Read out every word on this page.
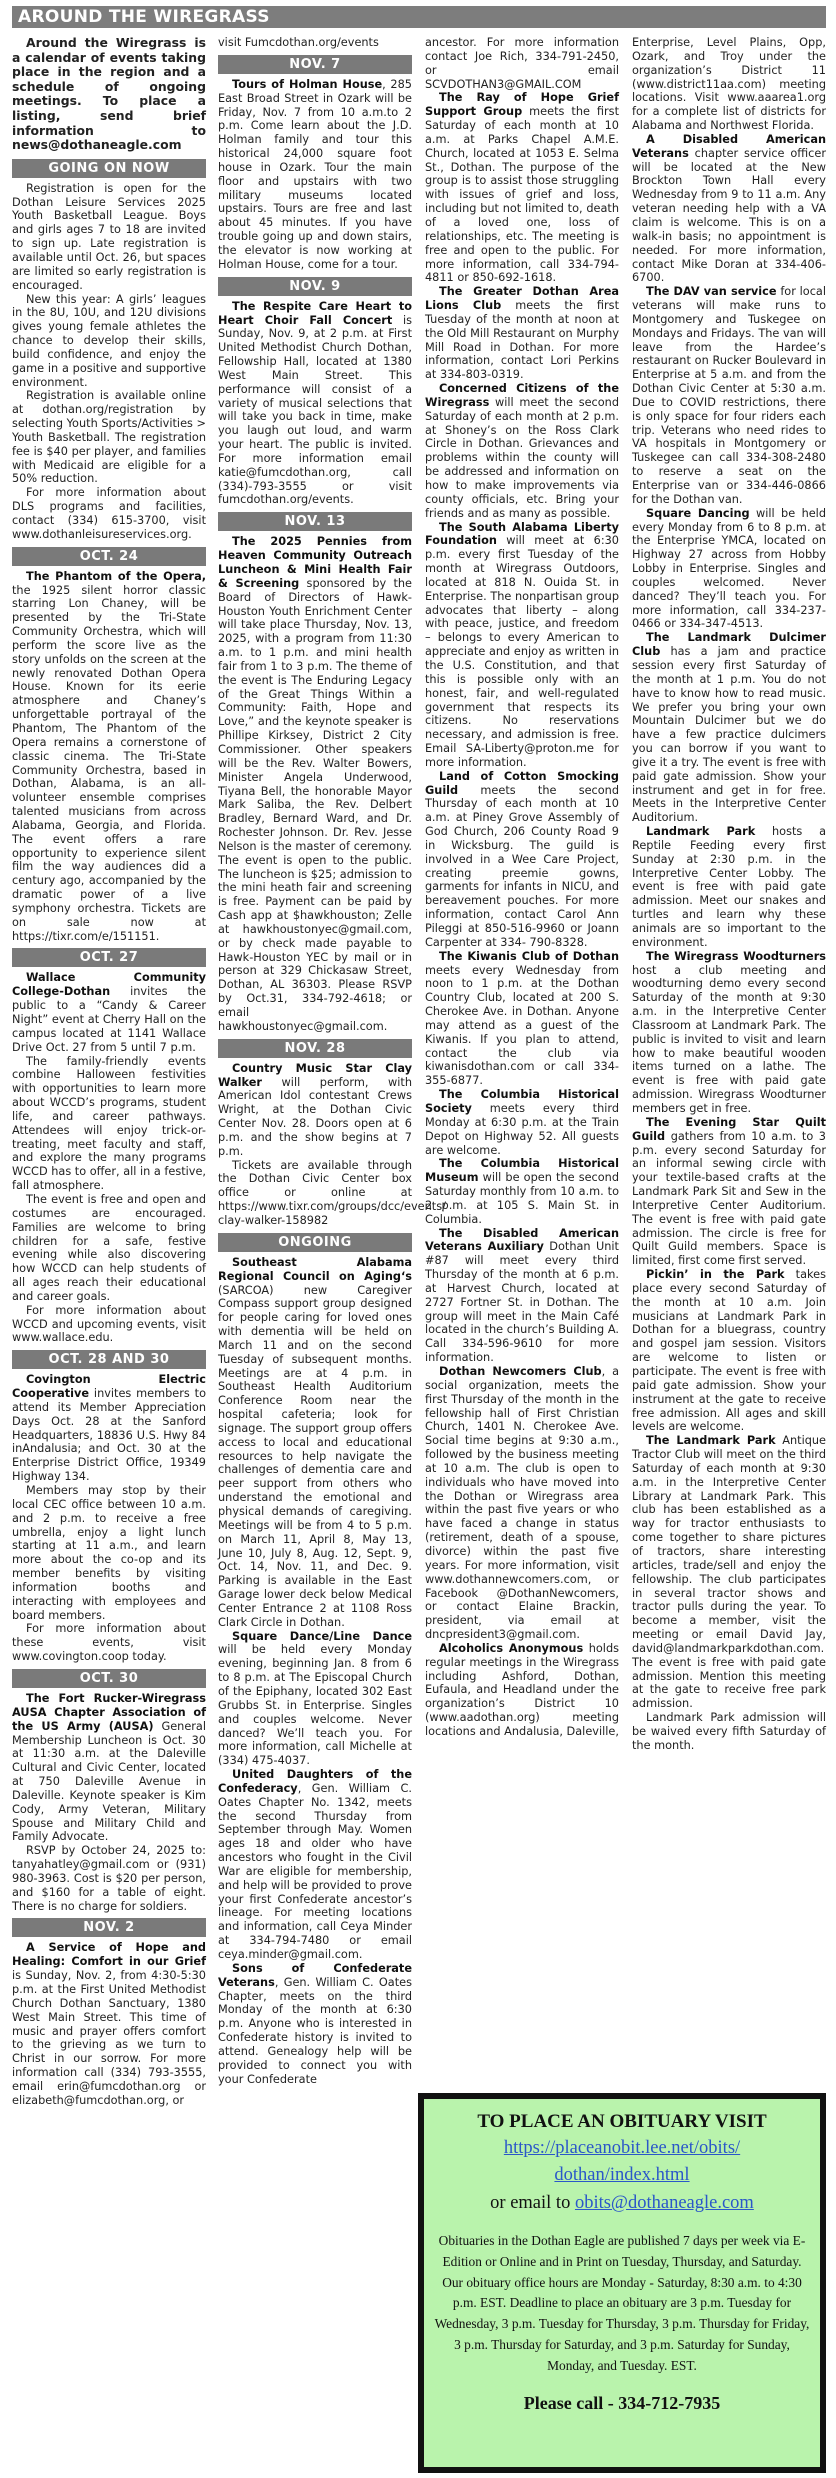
AROUND THE WIREGRASS

Around the Wiregrass is a calendar of events taking place in the region and a schedule of ongoing meetings. To place a listing, send brief information to news@dothaneagle.com

GOING ON NOW

Registration is open for the Dothan Leisure Services 2025 Youth Basketball League. Boys and girls ages 7 to 18 are invited to sign up. Late registration is available until Oct. 26, but spaces are limited so early registration is encouraged.

New this year: A girls’ leagues in the 8U, 10U, and 12U divisions gives young female athletes the chance to develop their skills, build confidence, and enjoy the game in a positive and supportive environment.

Registration is available online at dothan.org/registration by selecting Youth Sports/Activities > Youth Basketball. The registration fee is $40 per player, and families with Medicaid are eligible for a 50% reduction.

For more information about DLS programs and facilities, contact (334) 615-3700, visit www.dothanleisureservices.org.

OCT. 24

The Phantom of the Opera, the 1925 silent horror classic starring Lon Chaney, will be presented by the Tri-State Community Orchestra, which will perform the score live as the story unfolds on the screen at the newly renovated Dothan Opera House. Known for its eerie atmosphere and Chaney’s unforgettable portrayal of the Phantom, The Phantom of the Opera remains a cornerstone of classic cinema. The Tri-State Community Orchestra, based in Dothan, Alabama, is an all-volunteer ensemble comprises talented musicians from across Alabama, Georgia, and Florida. The event offers a rare opportunity to experience silent film the way audiences did a century ago, accompanied by the dramatic power of a live symphony orchestra. Tickets are on sale now at https://tixr.com/e/151151.

OCT. 27

Wallace Community College-Dothan invites the public to a “Candy & Career Night” event at Cherry Hall on the campus located at 1141 Wallace Drive Oct. 27 from 5 until 7 p.m.

The family-friendly events combine Halloween festivities with opportunities to learn more about WCCD’s programs, student life, and career pathways. Attendees will enjoy trick-or-treating, meet faculty and staff, and explore the many programs WCCD has to offer, all in a festive, fall atmosphere.

The event is free and open and costumes are encouraged. Families are welcome to bring children for a safe, festive evening while also discovering how WCCD can help students of all ages reach their educational and career goals.

For more information about WCCD and upcoming events, visit www.wallace.edu.

OCT. 28 AND 30

Covington Electric Cooperative invites members to attend its Member Appreciation Days Oct. 28 at the Sanford Headquarters, 18836 U.S. Hwy 84 inAndalusia; and Oct. 30 at the Enterprise District Office, 19349 Highway 134.

Members may stop by their local CEC office between 10 a.m. and 2 p.m. to receive a free umbrella, enjoy a light lunch starting at 11 a.m., and learn more about the co-op and its member benefits by visiting information booths and interacting with employees and board members.

For more information about these events, visit www.covington.coop today.

OCT. 30

The Fort Rucker-Wiregrass AUSA Chapter Association of the US Army (AUSA) General Membership Luncheon is Oct. 30 at 11:30 a.m. at the Daleville Cultural and Civic Center, located at 750 Daleville Avenue in Daleville. Keynote speaker is Kim Cody, Army Veteran, Military Spouse and Military Child and Family Advocate.

RSVP by October 24, 2025 to: tanyahatley@gmail.com or (931) 980-3963. Cost is $20 per person, and $160 for a table of eight. There is no charge for soldiers.

NOV. 2

A Service of Hope and Healing: Comfort in our Grief is Sunday, Nov. 2, from 4:30-5:30 p.m. at the First United Methodist Church Dothan Sanctuary, 1380 West Main Street. This time of music and prayer offers comfort to the grieving as we turn to Christ in our sorrow. For more information call (334) 793-3555, email erin@fumcdothan.org or elizabeth@fumcdothan.org, or

visit Fumcdothan.org/events

NOV. 7

Tours of Holman House, 285 East Broad Street in Ozark will be Friday, Nov. 7 from 10 a.m.to 2 p.m. Come learn about the J.D. Holman family and tour this historical 24,000 square foot house in Ozark. Tour the main floor and upstairs with two military museums located upstairs. Tours are free and last about 45 minutes. If you have trouble going up and down stairs, the elevator is now working at Holman House, come for a tour.

NOV. 9

The Respite Care Heart to Heart Choir Fall Concert is Sunday, Nov. 9, at 2 p.m. at First United Methodist Church Dothan, Fellowship Hall, located at 1380 West Main Street. This performance will consist of a variety of musical selections that will take you back in time, make you laugh out loud, and warm your heart. The public is invited. For more information email katie@fumcdothan.org, call (334)-793-3555 or visit fumcdothan.org/events.

NOV. 13

The 2025 Pennies from Heaven Community Outreach Luncheon & Mini Health Fair & Screening sponsored by the Board of Directors of Hawk-Houston Youth Enrichment Center will take place Thursday, Nov. 13, 2025, with a program from 11:30 a.m. to 1 p.m. and mini health fair from 1 to 3 p.m. The theme of the event is The Enduring Legacy of the Great Things Within a Community: Faith, Hope and Love,” and the keynote speaker is Phillipe Kirksey, District 2 City Commissioner. Other speakers will be the Rev. Walter Bowers, Minister Angela Underwood, Tiyana Bell, the honorable Mayor Mark Saliba, the Rev. Delbert Bradley, Bernard Ward, and Dr. Rochester Johnson. Dr. Rev. Jesse Nelson is the master of ceremony. The event is open to the public. The luncheon is $25; admission to the mini heath fair and screening is free. Payment can be paid by Cash app at $hawkhouston; Zelle at hawkhoustonyec@gmail.com, or by check made payable to Hawk-Houston YEC by mail or in person at 329 Chickasaw Street, Dothan, AL 36303. Please RSVP by Oct.31, 334-792-4618; or email hawkhoustonyec@gmail.com.

NOV. 28

Country Music Star Clay Walker will perform, with American Idol contestant Crews Wright, at the Dothan Civic Center Nov. 28. Doors open at 6 p.m. and the show begins at 7 p.m.

Tickets are available through the Dothan Civic Center box office or online at https://www.tixr.com/groups/dcc/events/ clay-walker-158982

ONGOING

Southeast Alabama Regional Council on Aging‘s (SARCOA) new Caregiver Compass support group designed for people caring for loved ones with dementia will be held on March 11 and on the second Tuesday of subsequent months. Meetings are at 4 p.m. in Southeast Health Auditorium Conference Room near the hospital cafeteria; look for signage. The support group offers access to local and educational resources to help navigate the challenges of dementia care and peer support from others who understand the emotional and physical demands of caregiving. Meetings will be from 4 to 5 p.m. on March 11, April 8, May 13, June 10, July 8, Aug. 12, Sept. 9, Oct. 14, Nov. 11, and Dec. 9. Parking is available in the East Garage lower deck below Medical Center Entrance 2 at 1108 Ross Clark Circle in Dothan.

Square Dance/Line Dance will be held every Monday evening, beginning Jan. 8 from 6 to 8 p.m. at The Episcopal Church of the Epiphany, located 302 East Grubbs St. in Enterprise. Singles and couples welcome. Never danced? We’ll teach you. For more information, call Michelle at (334) 475-4037.

United Daughters of the Confederacy, Gen. William C. Oates Chapter No. 1342, meets the second Thursday from September through May. Women ages 18 and older who have ancestors who fought in the Civil War are eligible for membership, and help will be provided to prove your first Confederate ancestor’s lineage. For meeting locations and information, call Ceya Minder at 334-794-7480 or email ceya.minder@gmail.com.

Sons of Confederate Veterans, Gen. William C. Oates Chapter, meets on the third Monday of the month at 6:30 p.m. Anyone who is interested in Confederate history is invited to attend. Genealogy help will be provided to connect you with your Confederate

ancestor. For more information contact Joe Rich, 334-791-2450, or email SCVDOTHAN3@GMAIL.COM

The Ray of Hope Grief Support Group meets the first Saturday of each month at 10 a.m. at Parks Chapel A.M.E. Church, located at 1053 E. Selma St., Dothan. The purpose of the group is to assist those struggling with issues of grief and loss, including but not limited to, death of a loved one, loss of relationships, etc. The meeting is free and open to the public. For more information, call 334-794-4811 or 850-692-1618.

The Greater Dothan Area Lions Club meets the first Tuesday of the month at noon at the Old Mill Restaurant on Murphy Mill Road in Dothan. For more information, contact Lori Perkins at 334-803-0319.

Concerned Citizens of the Wiregrass will meet the second Saturday of each month at 2 p.m. at Shoney’s on the Ross Clark Circle in Dothan. Grievances and problems within the county will be addressed and information on how to make improvements via county officials, etc. Bring your friends and as many as possible.

The South Alabama Liberty Foundation will meet at 6:30 p.m. every first Tuesday of the month at Wiregrass Outdoors, located at 818 N. Ouida St. in Enterprise. The nonpartisan group advocates that liberty – along with peace, justice, and freedom – belongs to every American to appreciate and enjoy as written in the U.S. Constitution, and that this is possible only with an honest, fair, and well-regulated government that respects its citizens. No reservations necessary, and admission is free. Email SA-Liberty@proton.me for more information.

Land of Cotton Smocking Guild meets the second Thursday of each month at 10 a.m. at Piney Grove Assembly of God Church, 206 County Road 9 in Wicksburg. The guild is involved in a Wee Care Project, creating preemie gowns, garments for infants in NICU, and bereavement pouches. For more information, contact Carol Ann Pileggi at 850-516-9960 or Joann Carpenter at 334- 790-8328.

The Kiwanis Club of Dothan meets every Wednesday from noon to 1 p.m. at the Dothan Country Club, located at 200 S. Cherokee Ave. in Dothan. Anyone may attend as a guest of the Kiwanis. If you plan to attend, contact the club via kiwanisdothan.com or call 334-355-6877.

The Columbia Historical Society meets every third Monday at 6:30 p.m. at the Train Depot on Highway 52. All guests are welcome.

The Columbia Historical Museum will be open the second Saturday monthly from 10 a.m. to 2 p.m. at 105 S. Main St. in Columbia.

The Disabled American Veterans Auxiliary Dothan Unit #87 will meet every third Thursday of the month at 6 p.m. at Harvest Church, located at 2727 Fortner St. in Dothan. The group will meet in the Main Café located in the church’s Building A. Call 334-596-9610 for more information.

Dothan Newcomers Club, a social organization, meets the first Thursday of the month in the fellowship hall of First Christian Church, 1401 N. Cherokee Ave. Social time begins at 9:30 a.m., followed by the business meeting at 10 a.m. The club is open to individuals who have moved into the Dothan or Wiregrass area within the past five years or who have faced a change in status (retirement, death of a spouse, divorce) within the past five years. For more information, visit www.dothannewcomers.com, or Facebook @DothanNewcomers, or contact Elaine Brackin, president, via email at dncpresident3@gmail.com.

Alcoholics Anonymous holds regular meetings in the Wiregrass including Ashford, Dothan, Eufaula, and Headland under the organization’s District 10 (www.aadothan.org) meeting locations and Andalusia, Daleville,

Enterprise, Level Plains, Opp, Ozark, and Troy under the organization’s District 11 (www.district11aa.com) meeting locations. Visit www.aaarea1.org for a complete list of districts for Alabama and Northwest Florida.

A Disabled American Veterans chapter service officer will be located at the New Brockton Town Hall every Wednesday from 9 to 11 a.m. Any veteran needing help with a VA claim is welcome. This is on a walk-in basis; no appointment is needed. For more information, contact Mike Doran at 334-406-6700.

The DAV van service for local veterans will make runs to Montgomery and Tuskegee on Mondays and Fridays. The van will leave from the Hardee’s restaurant on Rucker Boulevard in Enterprise at 5 a.m. and from the Dothan Civic Center at 5:30 a.m. Due to COVID restrictions, there is only space for four riders each trip. Veterans who need rides to VA hospitals in Montgomery or Tuskegee can call 334-308-2480 to reserve a seat on the Enterprise van or 334-446-0866 for the Dothan van.

Square Dancing will be held every Monday from 6 to 8 p.m. at the Enterprise YMCA, located on Highway 27 across from Hobby Lobby in Enterprise. Singles and couples welcomed. Never danced? They’ll teach you. For more information, call 334-237-0466 or 334-347-4513.

The Landmark Dulcimer Club has a jam and practice session every first Saturday of the month at 1 p.m. You do not have to know how to read music. We prefer you bring your own Mountain Dulcimer but we do have a few practice dulcimers you can borrow if you want to give it a try. The event is free with paid gate admission. Show your instrument and get in for free. Meets in the Interpretive Center Auditorium.

Landmark Park hosts a Reptile Feeding every first Sunday at 2:30 p.m. in the Interpretive Center Lobby. The event is free with paid gate admission. Meet our snakes and turtles and learn why these animals are so important to the environment.

The Wiregrass Woodturners host a club meeting and woodturning demo every second Saturday of the month at 9:30 a.m. in the Interpretive Center Classroom at Landmark Park. The public is invited to visit and learn how to make beautiful wooden items turned on a lathe. The event is free with paid gate admission. Wiregrass Woodturner members get in free.

The Evening Star Quilt Guild gathers from 10 a.m. to 3 p.m. every second Saturday for an informal sewing circle with your textile-based crafts at the Landmark Park Sit and Sew in the Interpretive Center Auditorium. The event is free with paid gate admission. The circle is free for Quilt Guild members. Space is limited, first come first served.

Pickin’ in the Park takes place every second Saturday of the month at 10 a.m. Join musicians at Landmark Park in Dothan for a bluegrass, country and gospel jam session. Visitors are welcome to listen or participate. The event is free with paid gate admission. Show your instrument at the gate to receive free admission. All ages and skill levels are welcome.

The Landmark Park Antique Tractor Club will meet on the third Saturday of each month at 9:30 a.m. in the Interpretive Center Library at Landmark Park. This club has been established as a way for tractor enthusiasts to come together to share pictures of tractors, share interesting articles, trade/sell and enjoy the fellowship. The club participates in several tractor shows and tractor pulls during the year. To become a member, visit the meeting or email David Jay, david@landmarkparkdothan.com. The event is free with paid gate admission. Mention this meeting at the gate to receive free park admission.

Landmark Park admission will be waived every fifth Saturday of the month.

TO PLACE AN OBITUARY VISIT
https://placeanobit.lee.net/obits/
dothan/index.html
or email to obits@dothaneagle.com
Obituaries in the Dothan Eagle are published 7 days per week via E-Edition or Online and in Print on Tuesday, Thursday, and Saturday. Our obituary office hours are Monday - Saturday, 8:30 a.m. to 4:30 p.m. EST. Deadline to place an obituary are 3 p.m. Tuesday for Wednesday, 3 p.m. Tuesday for Thursday, 3 p.m. Thursday for Friday, 3 p.m. Thursday for Saturday, and 3 p.m. Saturday for Sunday, Monday, and Tuesday. EST.
Please call - 334-712-7935
